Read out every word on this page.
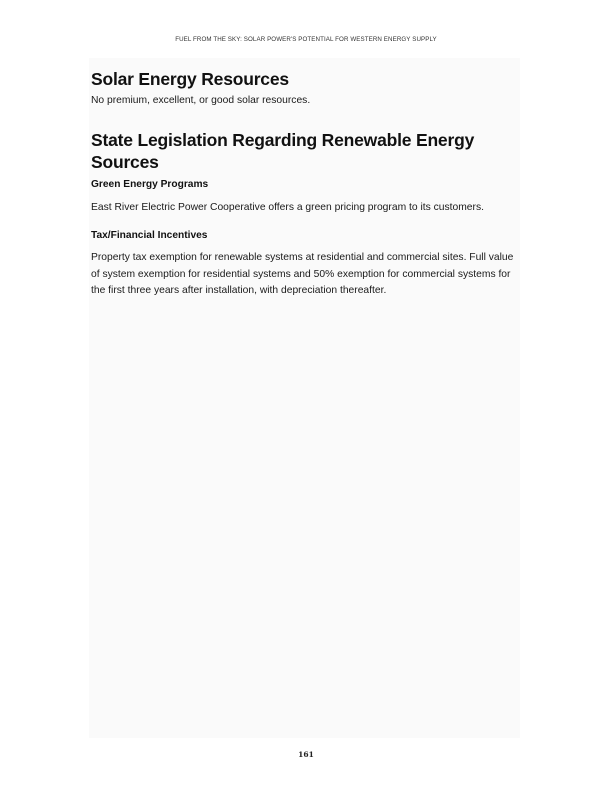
FUEL FROM THE SKY: SOLAR POWER'S POTENTIAL FOR WESTERN ENERGY SUPPLY
Solar Energy Resources

No premium, excellent, or good solar resources.

State Legislation Regarding Renewable Energy Sources
Green Energy Programs

East River Electric Power Cooperative offers a green pricing program to its customers.

Tax/Financial Incentives

Property tax exemption for renewable systems at residential and commercial sites. Full value of system exemption for residential systems and 50% exemption for commercial systems for the first three years after installation, with depreciation thereafter.

161
